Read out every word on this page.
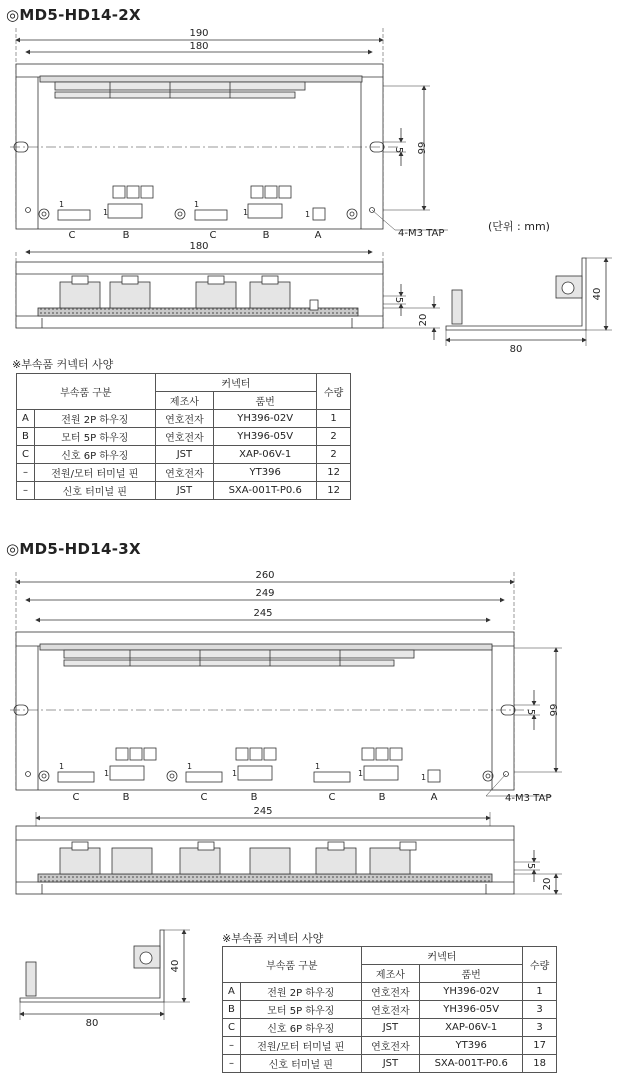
◎MD5-HD14-2X
190
180
66
5
180
5
20
40
80
4-M3 TAP
C	B	C	B	A
1
1
1
1	1
260
249
245
66
5
245
5
20
40
80
4-M3 TAP
C	B	C	B	C	B	A
1
1
1
1
1
1	1
(단위 : mm)
※부속품 커넥터 사양
부속품 구분		커넥터		수량
		제조사	품번	
A	전원 2P 하우징	연호전자	YH396-02V	1
B	모터 5P 하우징	연호전자	YH396-05V	2
C	신호 6P 하우징	JST	XAP-06V-1	2
–	전원/모터 터미널 핀	연호전자	YT396	12
–	신호 터미널 핀	JST	SXA-001T-P0.6	12
◎MD5-HD14-3X
※부속품 커넥터 사양
부속품 구분		커넥터		수량
		제조사	품번	
A	전원 2P 하우징	연호전자	YH396-02V	1
B	모터 5P 하우징	연호전자	YH396-05V	3
C	신호 6P 하우징	JST	XAP-06V-1	3
–	전원/모터 터미널 핀	연호전자	YT396	17
–	신호 터미널 핀	JST	SXA-001T-P0.6	18
